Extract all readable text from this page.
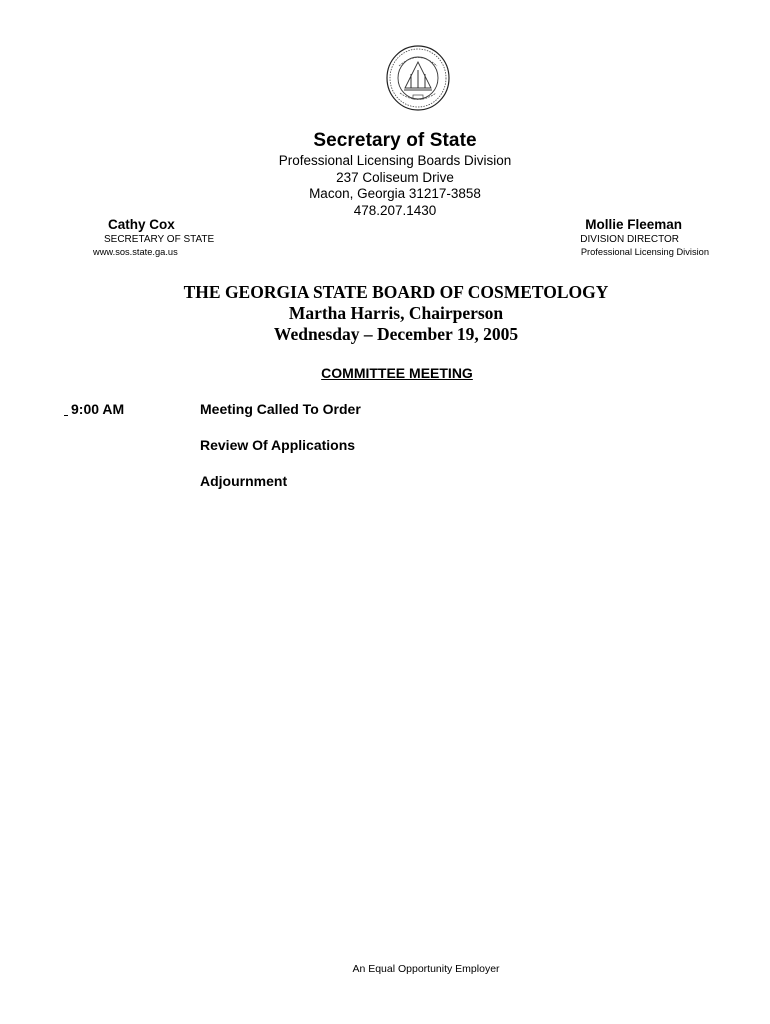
Secretary of State
Professional Licensing Boards Division
237 Coliseum Drive
Macon, Georgia 31217-3858
478.207.1430
Cathy Cox
SECRETARY OF STATE
www.sos.state.ga.us
Mollie Fleeman
DIVISION DIRECTOR
Professional Licensing Division
THE GEORGIA STATE BOARD OF COSMETOLOGY
Martha Harris, Chairperson
Wednesday – December 19, 2005
COMMITTEE MEETING
9:00 AM	Meeting Called To Order
Review Of Applications
Adjournment
An Equal Opportunity Employer
